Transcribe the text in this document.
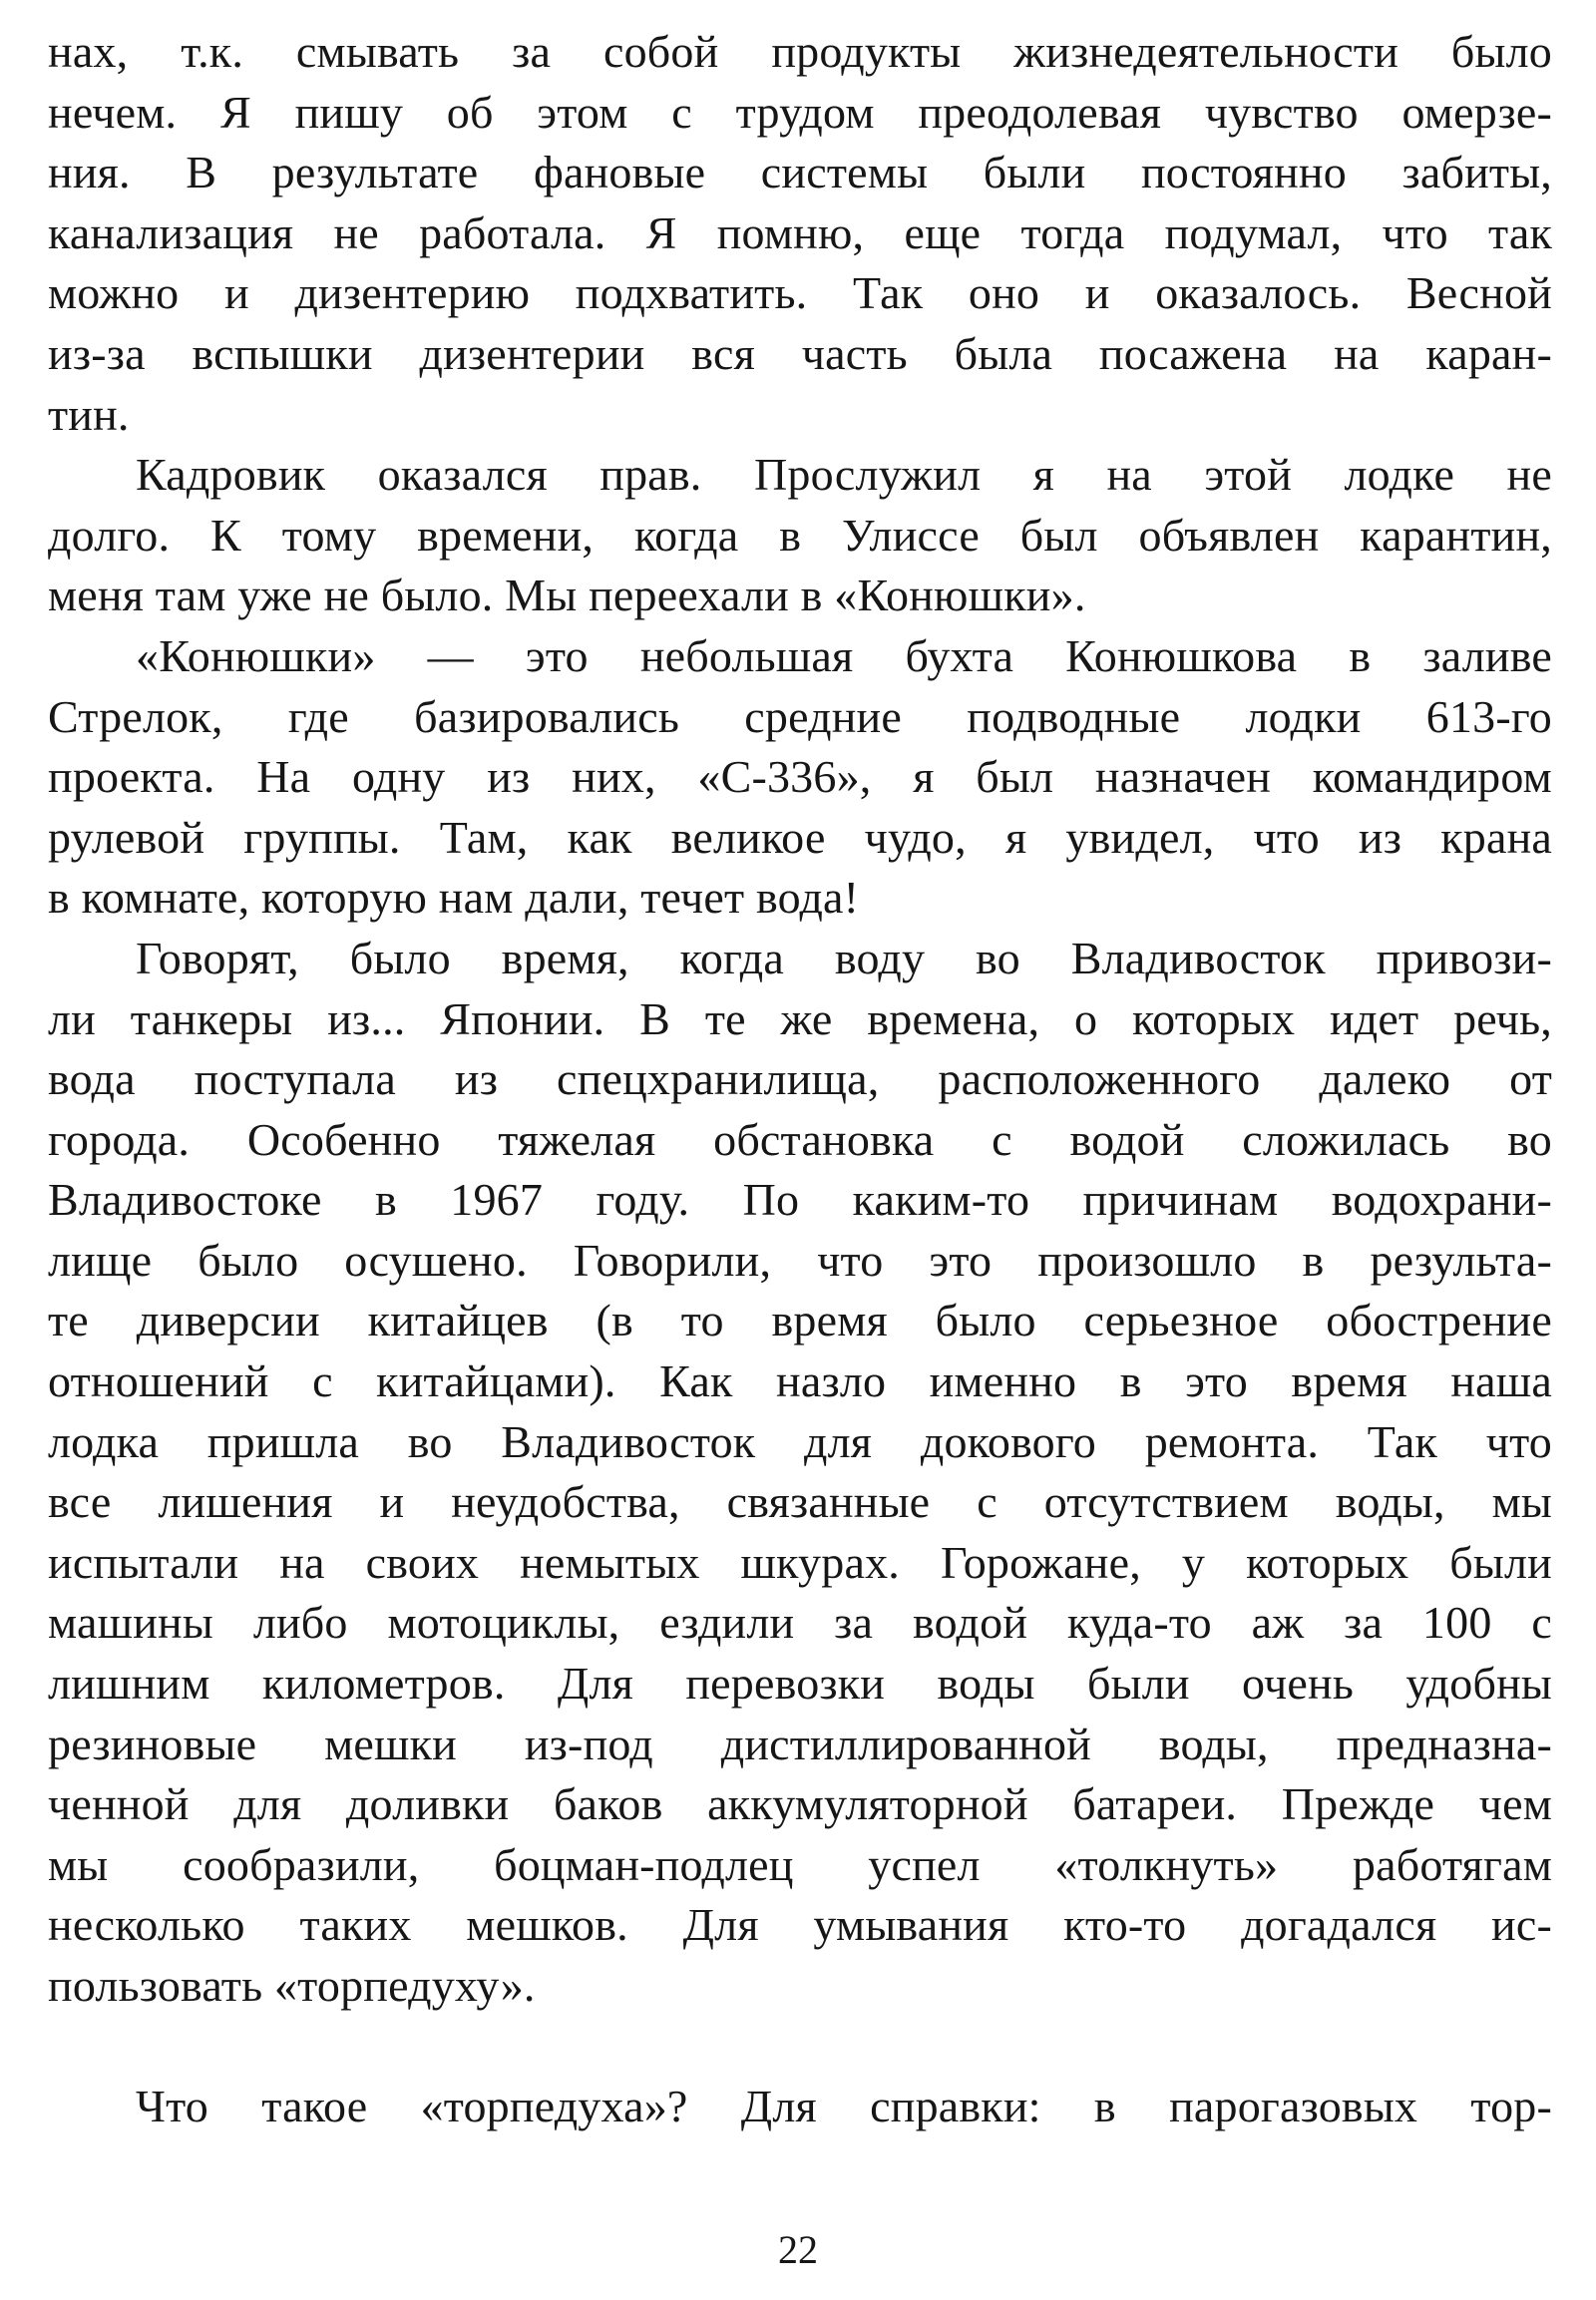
нах, т.к. смывать за собой продукты жизнедеятельности было
нечем. Я пишу об этом с трудом преодолевая чувство омерзе-
ния. В результате фановые системы были постоянно забиты,
канализация не работала. Я помню, еще тогда подумал, что так
можно и дизентерию подхватить. Так оно и оказалось. Весной
из-за вспышки дизентерии вся часть была посажена на каран-
тин.
Кадровик оказался прав. Прослужил я на этой лодке не
долго. К тому времени, когда в Улиссе был объявлен карантин,
меня там уже не было. Мы переехали в «Конюшки».
«Конюшки» — это небольшая бухта Конюшкова в заливе
Стрелок, где базировались средние подводные лодки 613-го
проекта. На одну из них, «С-336», я был назначен командиром
рулевой группы. Там, как великое чудо, я увидел, что из крана
в комнате, которую нам дали, течет вода!
Говорят, было время, когда воду во Владивосток привози-
ли танкеры из... Японии. В те же времена, о которых идет речь,
вода поступала из спецхранилища, расположенного далеко от
города. Особенно тяжелая обстановка с водой сложилась во
Владивостоке в 1967 году. По каким-то причинам водохрани-
лище было осушено. Говорили, что это произошло в результа-
те диверсии китайцев (в то время было серьезное обострение
отношений с китайцами). Как назло именно в это время наша
лодка пришла во Владивосток для докового ремонта. Так что
все лишения и неудобства, связанные с отсутствием воды, мы
испытали на своих немытых шкурах. Горожане, у которых были
машины либо мотоциклы, ездили за водой куда-то аж за 100 с
лишним километров. Для перевозки воды были очень удобны
резиновые мешки из-под дистиллированной воды, предназна-
ченной для доливки баков аккумуляторной батареи. Прежде чем
мы сообразили, боцман-подлец успел «толкнуть» работягам
несколько таких мешков. Для умывания кто-то догадался ис-
пользовать «торпедуху».
Что такое «торпедуха»? Для справки: в парогазовых тор-
22
